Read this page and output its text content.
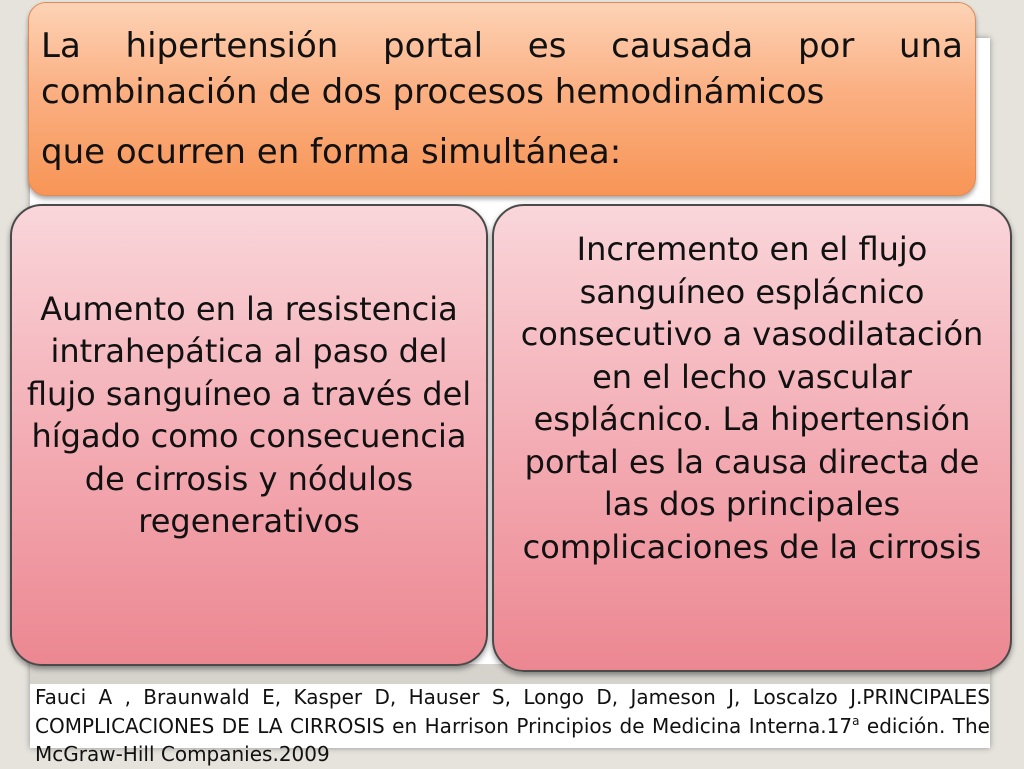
La hipertensión portal es causada por una combinación de dos procesos hemodinámicos
que ocurren en forma simultánea:
Aumento en la resistencia intrahepática al paso del flujo sanguíneo a través del hígado como consecuencia de cirrosis y nódulos regenerativos
Incremento en el flujo sanguíneo esplácnico consecutivo a vasodilatación en el lecho vascular esplácnico. La hipertensión portal es la causa directa de las dos principales complicaciones de la cirrosis
Fauci A , Braunwald E, Kasper D, Hauser S, Longo D, Jameson J, Loscalzo J.PRINCIPALES COMPLICACIONES DE LA CIRROSIS en Harrison Principios de Medicina Interna.17$^a$ edición. The McGraw-Hill Companies.2009
